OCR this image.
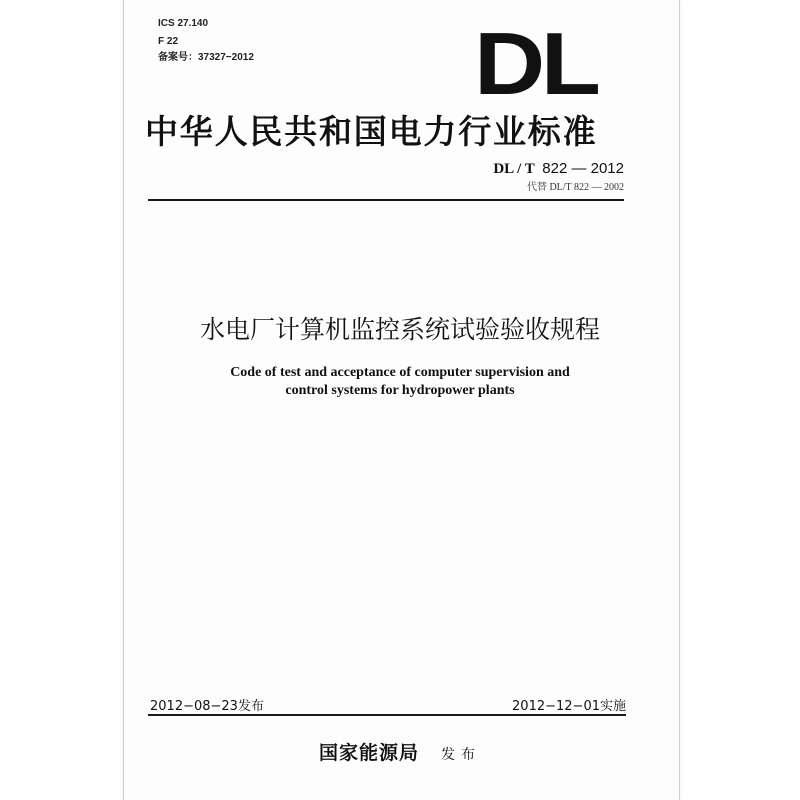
ICS 27.140
F 22
备案号：37327−2012	DL
中华人民共和国电力行业标准
DL / T 822 — 2012
代替 DL/T 822 — 2002
水电厂计算机监控系统试验验收规程
Code of test and acceptance of computer supervision and
control systems for hydropower plants
2012−08−23发布	2012−12−01实施
国家能源局 发布
